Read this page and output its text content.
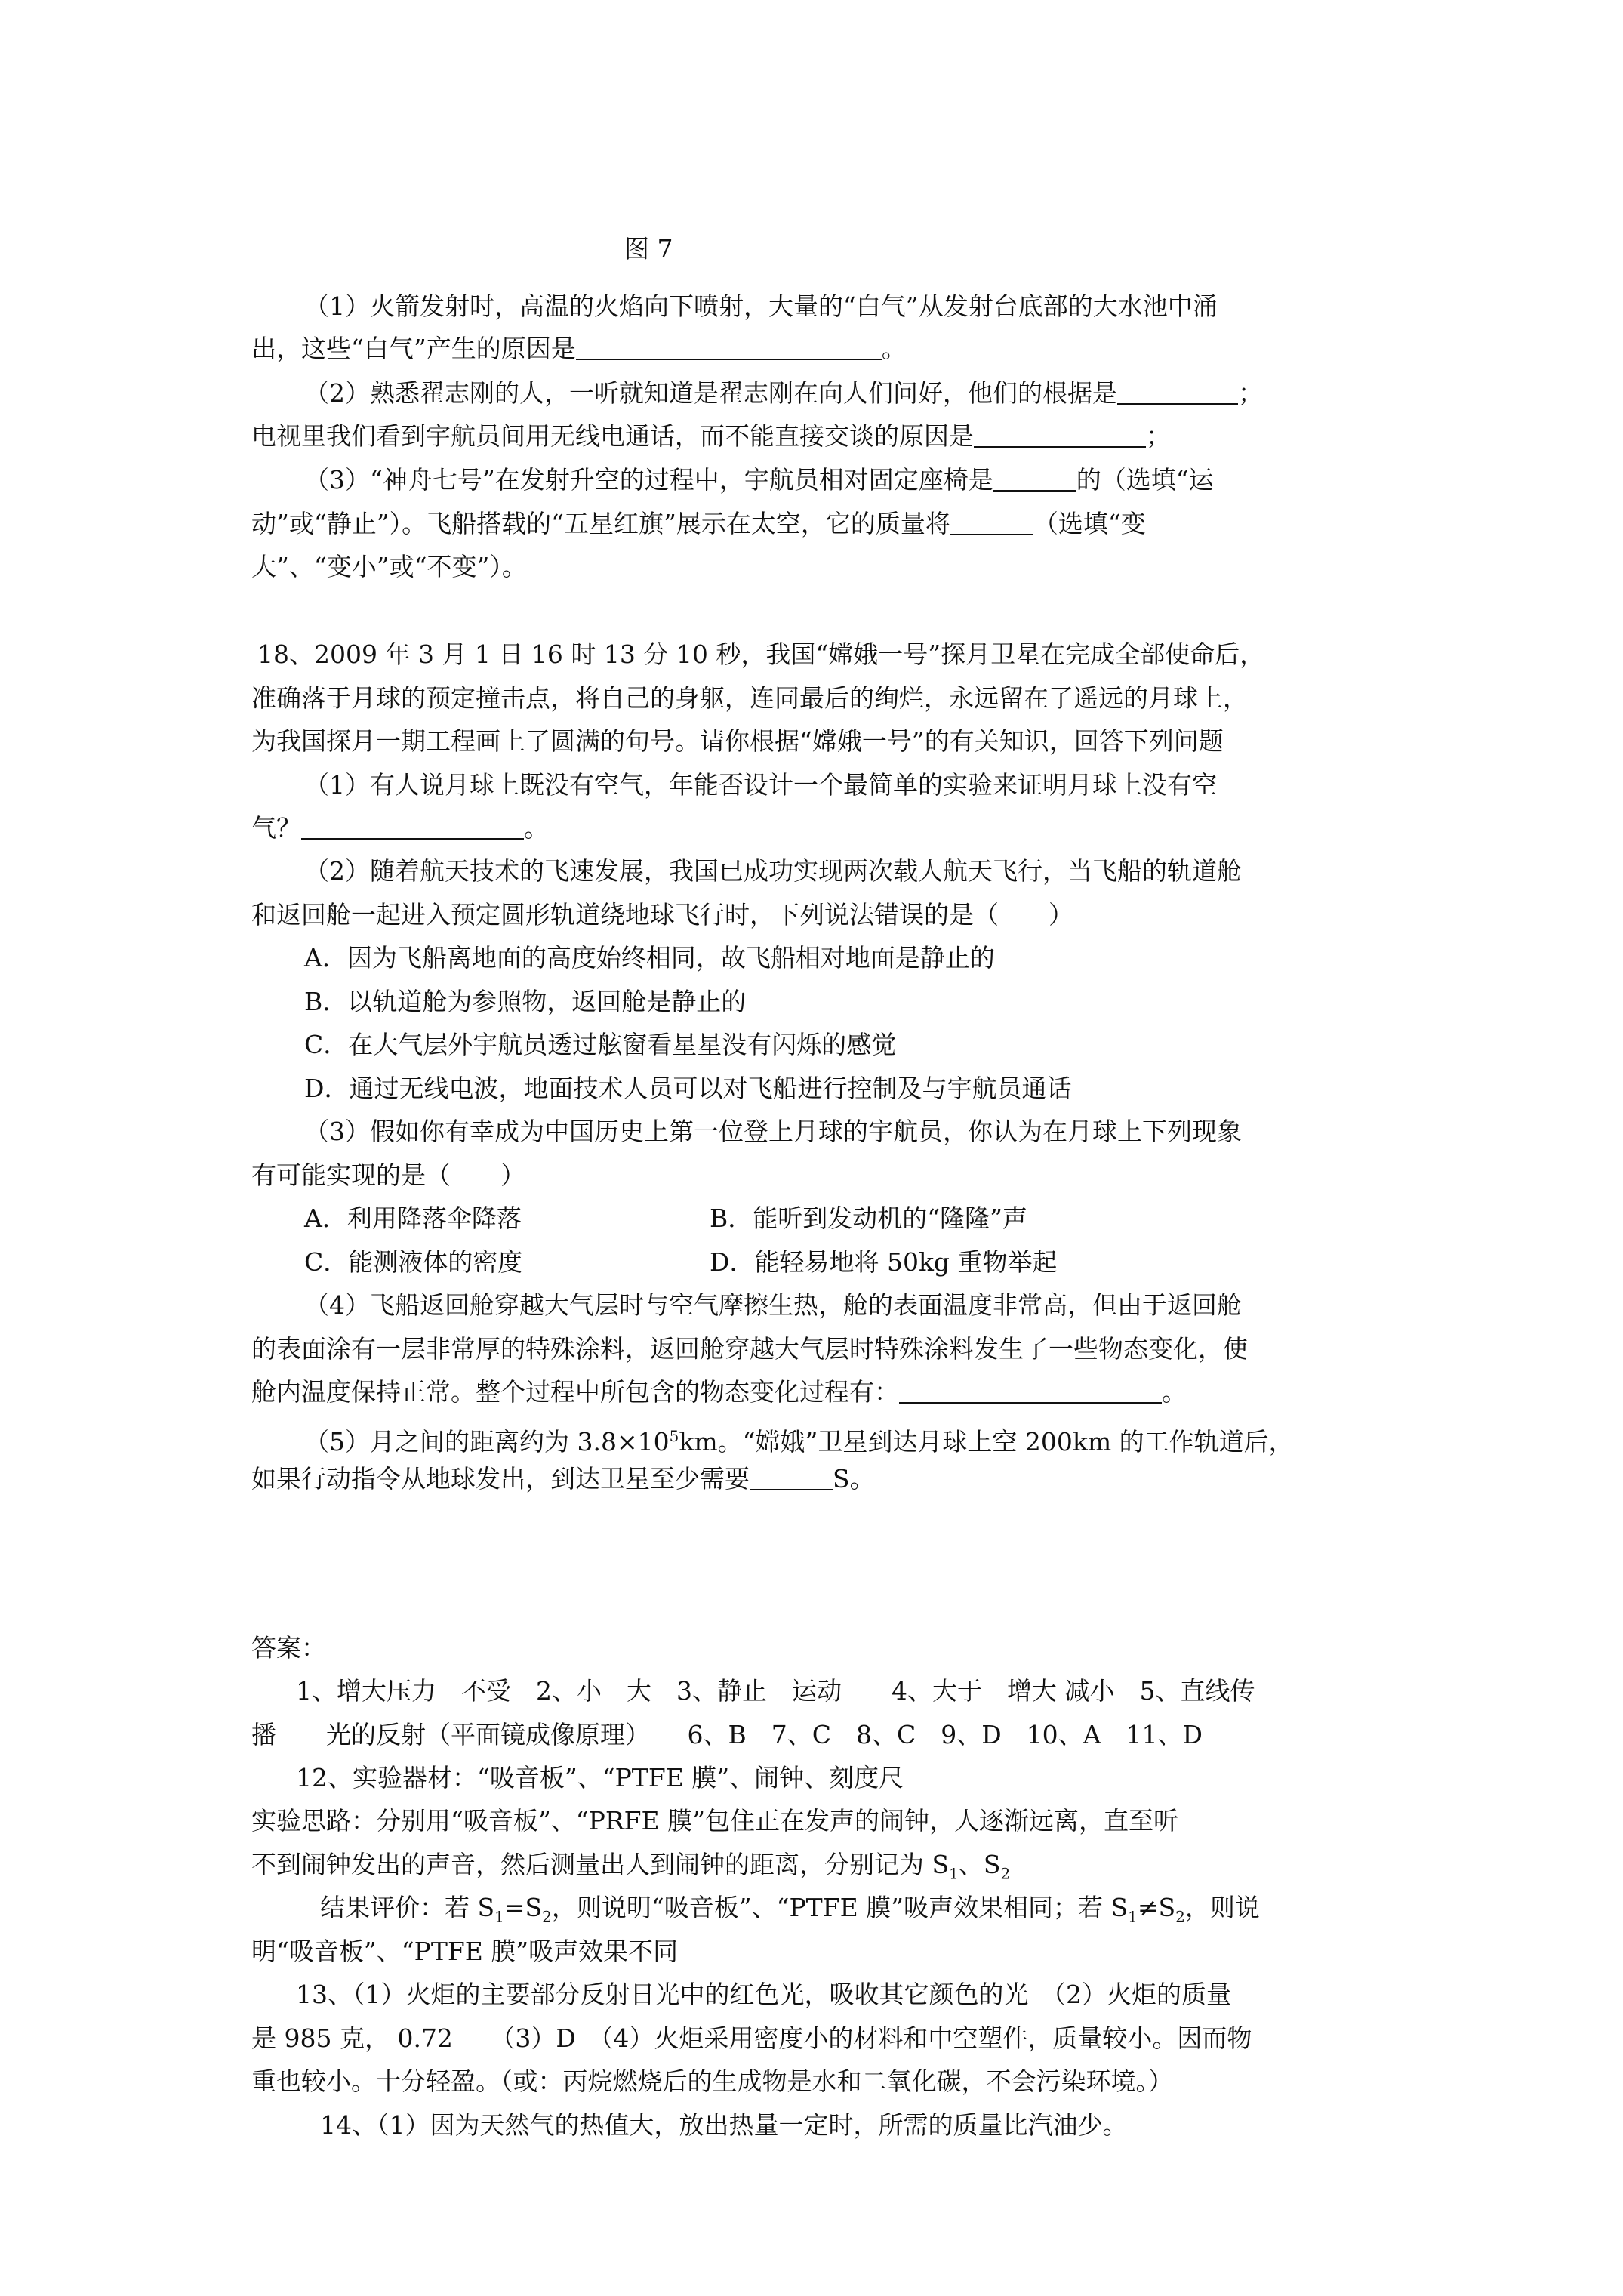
图 7
（1）火箭发射时，高温的火焰向下喷射，大量的“白气”从发射台底部的大水池中涌
出，这些“白气”产生的原因是	。
（2）熟悉翟志刚的人，一听就知道是翟志刚在向人们问好，他们的根据是	；
电视里我们看到宇航员间用无线电通话，而不能直接交谈的原因是	；
（3）“神舟七号”在发射升空的过程中，宇航员相对固定座椅是	的（选填“运
动”或“静止”）。飞船搭载的“五星红旗”展示在太空，它的质量将	（选填“变
大”、“变小”或“不变”）。
18、2009 年 3 月 1 日 16 时 13 分 10 秒，我国“嫦娥一号”探月卫星在完成全部使命后，
准确落于月球的预定撞击点，将自己的身躯，连同最后的绚烂，永远留在了遥远的月球上，
为我国探月一期工程画上了圆满的句号。请你根据“嫦娥一号”的有关知识，回答下列问题
（1）有人说月球上既没有空气，年能否设计一个最简单的实验来证明月球上没有空
气？	。
（2）随着航天技术的飞速发展，我国已成功实现两次载人航天飞行，当飞船的轨道舱
和返回舱一起进入预定圆形轨道绕地球飞行时，下列说法错误的是（　　）
A．因为飞船离地面的高度始终相同，故飞船相对地面是静止的
B．以轨道舱为参照物，返回舱是静止的
C．在大气层外宇航员透过舷窗看星星没有闪烁的感觉
D．通过无线电波，地面技术人员可以对飞船进行控制及与宇航员通话
（3）假如你有幸成为中国历史上第一位登上月球的宇航员，你认为在月球上下列现象
有可能实现的是（　　）
A．利用降落伞降落	B．能听到发动机的“隆隆”声
C．能测液体的密度	D．能轻易地将 50kg 重物举起
（4）飞船返回舱穿越大气层时与空气摩擦生热，舱的表面温度非常高，但由于返回舱
的表面涂有一层非常厚的特殊涂料，返回舱穿越大气层时特殊涂料发生了一些物态变化，使
舱内温度保持正常。整个过程中所包含的物态变化过程有：	。
（5）月之间的距离约为 $3.8\times 10^5km$。“嫦娥”卫星到达月球上空 200km 的工作轨道后，
如果行动指令从地球发出，到达卫星至少需要	S。
答案：
1、增大压力　不受　2、小　大　3、静止　运动　　4、大于　增大 减小　5、直线传
播　　光的反射（平面镜成像原理）　　6、B　7、C　8、C　9、D　10、A　11、D
12、实验器材：“吸音板”、“PTFE 膜”、闹钟、刻度尺
实验思路：分别用“吸音板”、“PRFE 膜”包住正在发声的闹钟，人逐渐远离，直至听
不到闹钟发出的声音，然后测量出人到闹钟的距离，分别记为 $S_1$、$S_2$
结果评价：若 $S_1=S_2$，则说明“吸音板”、“PTFE 膜”吸声效果相同；若 $S_1\ne S_2$，则说
明“吸音板”、“PTFE 膜”吸声效果不同
13、（1）火炬的主要部分反射日光中的红色光，吸收其它颜色的光　（2）火炬的质量
是 985 克， 0.72　　（3）D　（4）火炬采用密度小的材料和中空塑件，质量较小。因而物
重也较小。十分轻盈。（或：丙烷燃烧后的生成物是水和二氧化碳，不会污染环境。）
14、（1）因为天然气的热值大，放出热量一定时，所需的质量比汽油少。
